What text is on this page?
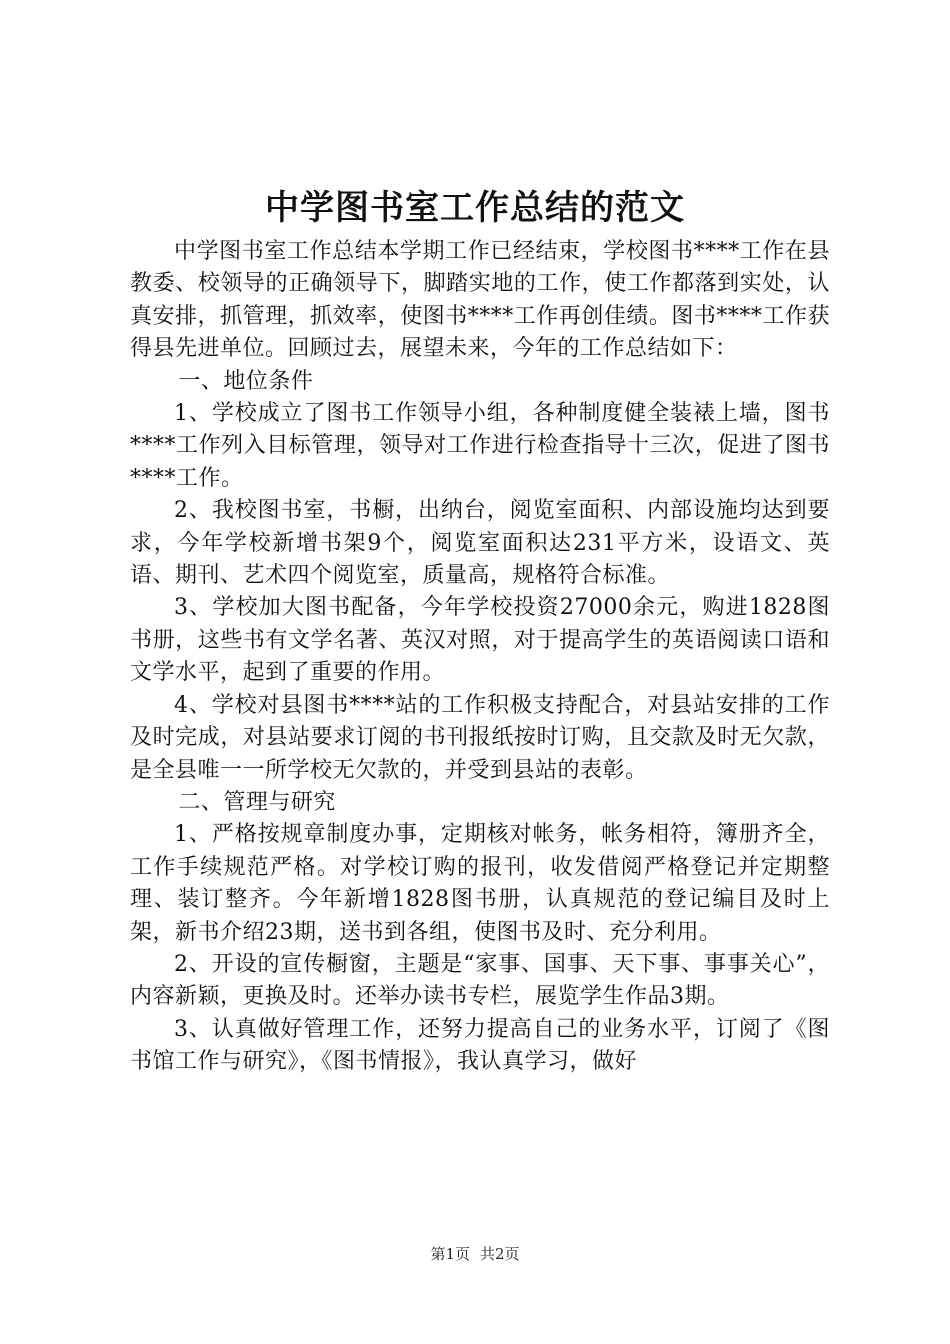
中学图书室工作总结的范文

中学图书室工作总结本学期工作已经结束，学校图书****工作在县教委、校领导的正确领导下，脚踏实地的工作，使工作都落到实处，认真安排，抓管理，抓效率，使图书****工作再创佳绩。图书****工作获得县先进单位。回顾过去，展望未来，今年的工作总结如下：

一、地位条件

1、学校成立了图书工作领导小组，各种制度健全装裱上墙，图书****工作列入目标管理，领导对工作进行检查指导十三次，促进了图书****工作。

2、我校图书室，书橱，出纳台，阅览室面积、内部设施均达到要求，今年学校新增书架9个，阅览室面积达231平方米，设语文、英语、期刊、艺术四个阅览室，质量高，规格符合标准。

3、学校加大图书配备，今年学校投资27000余元，购进1828图书册，这些书有文学名著、英汉对照，对于提高学生的英语阅读口语和文学水平，起到了重要的作用。

4、学校对县图书****站的工作积极支持配合，对县站安排的工作及时完成，对县站要求订阅的书刊报纸按时订购，且交款及时无欠款，是全县唯一一所学校无欠款的，并受到县站的表彰。

二、管理与研究

1、严格按规章制度办事，定期核对帐务，帐务相符，簿册齐全，工作手续规范严格。对学校订购的报刊，收发借阅严格登记并定期整理、装订整齐。今年新增1828图书册，认真规范的登记编目及时上架，新书介绍23期，送书到各组，使图书及时、充分利用。

2、开设的宣传橱窗，主题是“家事、国事、天下事、事事关心”，内容新颖，更换及时。还举办读书专栏，展览学生作品3期。

3、认真做好管理工作，还努力提高自己的业务水平，订阅了《图书馆工作与研究》，《图书情报》，我认真学习，做好

第1页 共2页
